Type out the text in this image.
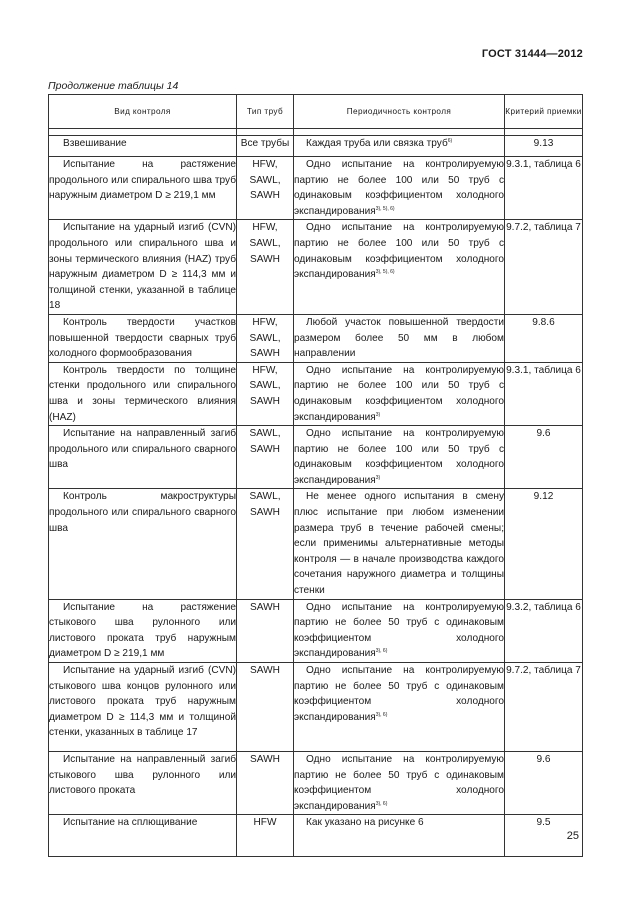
ГОСТ 31444—2012
Продолжение таблицы 14
Вид контроля	Тип труб	Периодичность контроля	Критерий приемки

Взвешивание	Все трубы	Каждая труба или связка труб$^{6)}$	9.13
Испытание на растяжение продольного или спирального шва труб наружным диаметром D ≥ 219,1 мм	HFW, SAWL, SAWH	Одно испытание на контролируемую партию не более 100 или 50 труб с одинаковым коэффициентом холодного экспандирования$^{3), 5), 6)}$	9.3.1, таблица 6
Испытание на ударный изгиб (CVN) продольного или спирального шва и зоны термического влияния (HAZ) труб наружным диаметром D ≥ 114,3 мм и толщиной стенки, указанной в таблице 18	HFW, SAWL, SAWH	Одно испытание на контролируемую партию не более 100 или 50 труб с одинаковым коэффициентом холодного экспандирования$^{3), 5), 6)}$	9.7.2, таблица 7
Контроль твердости участков повышенной твердости сварных труб холодного формообразования	HFW, SAWL, SAWH	Любой участок повышенной твердости размером более 50 мм в любом направлении	9.8.6
Контроль твердости по толщине стенки продольного или спирального шва и зоны термического влияния (HAZ)	HFW, SAWL, SAWH	Одно испытание на контролируемую партию не более 100 или 50 труб с одинаковым коэффициентом холодного экспандирования$^{3)}$	9.3.1, таблица 6
Испытание на направленный загиб продольного или спирального сварного шва	SAWL, SAWH	Одно испытание на контролируемую партию не более 100 или 50 труб с одинаковым коэффициентом холодного экспандирования$^{3)}$	9.6
Контроль макроструктуры продольного или спирального сварного шва	SAWL, SAWH	Не менее одного испытания в смену плюс испытание при любом изменении размера труб в течение рабочей смены; если применимы альтернативные методы контроля — в начале производства каждого сочетания наружного диаметра и толщины стенки	9.12
Испытание на растяжение стыкового шва рулонного или листового проката труб наружным диаметром D ≥ 219,1 мм	SAWH	Одно испытание на контролируемую партию не более 50 труб с одинаковым коэффициентом холодного экспандирования$^{3), 6)}$	9.3.2, таблица 6
Испытание на ударный изгиб (CVN) стыкового шва концов рулонного или листового проката труб наружным диаметром D ≥ 114,3 мм и толщиной стенки, указанных в таблице 17	SAWH	Одно испытание на контролируемую партию не более 50 труб с одинаковым коэффициентом холодного экспандирования$^{3), 6)}$	9.7.2, таблица 7
Испытание на направленный загиб стыкового шва рулонного или листового проката	SAWH	Одно испытание на контролируемую партию не более 50 труб с одинаковым коэффициентом холодного экспандирования$^{3), 6)}$	9.6
Испытание на сплющивание	HFW	Как указано на рисунке 6	9.5
25
